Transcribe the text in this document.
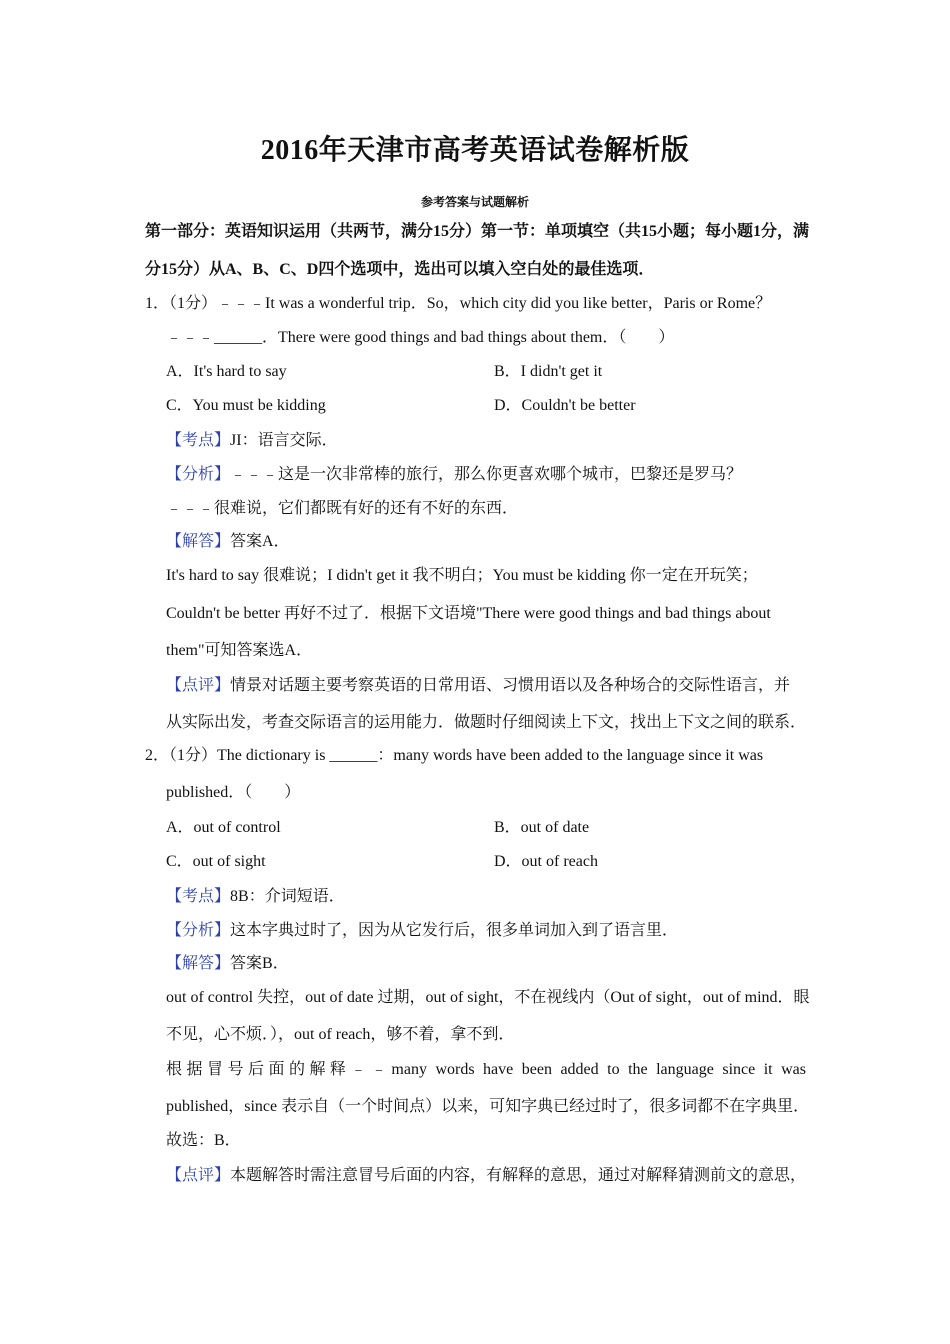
2016年天津市高考英语试卷解析版
参考答案与试题解析
第一部分：英语知识运用（共两节，满分15分）第一节：单项填空（共15小题；每小题1分，满
分15分）从A、B、C、D四个选项中，选出可以填入空白处的最佳选项．
1．（1分）﹣﹣﹣It was a wonderful trip．So，which city did you like better，Paris or Rome？
﹣﹣﹣______．There were good things and bad things about them．（　　）
A．It's hard to say	B．I didn't get it
C．You must be kidding	D．Couldn't be better
【考点】JI：语言交际．
【分析】﹣﹣﹣这是一次非常棒的旅行，那么你更喜欢哪个城市，巴黎还是罗马？
﹣﹣﹣很难说，它们都既有好的还有不好的东西．
【解答】答案A．
It's hard to say 很难说；I didn't get it 我不明白；You must be kidding 你一定在开玩笑；
Couldn't be better 再好不过了．根据下文语境"There were good things and bad things about
them"可知答案选A．
【点评】情景对话题主要考察英语的日常用语、习惯用语以及各种场合的交际性语言，并
从实际出发，考查交际语言的运用能力．做题时仔细阅读上下文，找出上下文之间的联系．
2．（1分）The dictionary is ______：many words have been added to the language since it was
published．（　　）
A．out of control	B．out of date
C．out of sight	D．out of reach
【考点】8B：介词短语．
【分析】这本字典过时了，因为从它发行后，很多单词加入到了语言里．
【解答】答案B．
out of control 失控，out of date 过期，out of sight，不在视线内（Out of sight，out of mind．眼
不见，心不烦．），out of reach，够不着，拿不到．
根据冒号后面的解释﹣﹣many words have been added to the language since it was
published，since 表示自（一个时间点）以来，可知字典已经过时了，很多词都不在字典里．
故选：B．
【点评】本题解答时需注意冒号后面的内容，有解释的意思，通过对解释猜测前文的意思，
